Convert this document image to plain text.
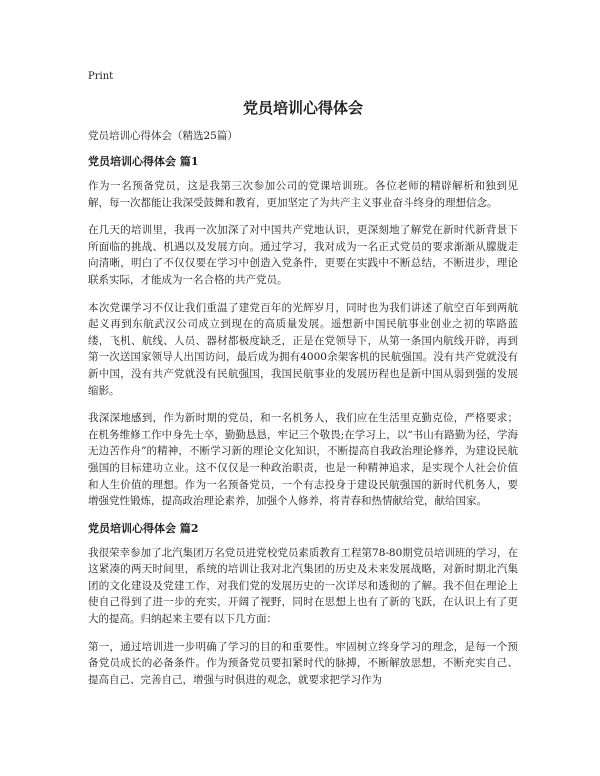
Print
党员培训心得体会
党员培训心得体会（精选25篇）
党员培训心得体会 篇1

作为一名预备党员，这是我第三次参加公司的党课培训班。各位老师的精辟解析和独到见解，每一次都能让我深受鼓舞和教育，更加坚定了为共产主义事业奋斗终身的理想信念。

在几天的培训里，我再一次加深了对中国共产党地认识，更深刻地了解党在新时代新背景下所面临的挑战、机遇以及发展方向。通过学习，我对成为一名正式党员的要求渐渐从朦胧走向清晰，明白了不仅仅要在学习中创造入党条件，更要在实践中不断总结，不断进步，理论联系实际，才能成为一名合格的共产党员。

本次党课学习不仅让我们重温了建党百年的光辉岁月，同时也为我们讲述了航空百年到两航起义再到东航武汉公司成立到现在的高质量发展。遥想新中国民航事业创业之初的筚路蓝缕，飞机、航线、人员、器材都极度缺乏，正是在党领导下，从第一条国内航线开辟，再到第一次送国家领导人出国访问，最后成为拥有4000余架客机的民航强国。没有共产党就没有新中国，没有共产党就没有民航强国，我国民航事业的发展历程也是新中国从弱到强的发展缩影。

我深深地感到，作为新时期的党员，和一名机务人，我们应在生活里克勤克俭，严格要求；在机务维修工作中身先士卒，勤勤恳恳，牢记三个敬畏;在学习上，以“书山有路勤为径，学海无边苦作舟”的精神，不断学习新的理论文化知识，不断提高自我政治理论修养，为建设民航强国的目标建功立业。这不仅仅是一种政治职责，也是一种精神追求，是实现个人社会价值和人生价值的理想。作为一名预备党员，一个有志投身于建设民航强国的新时代机务人，要增强党性锻炼，提高政治理论素养，加强个人修养，将青春和热情献给党，献给国家。

党员培训心得体会 篇2

我很荣幸参加了北汽集团万名党员进党校党员素质教育工程第78-80期党员培训班的学习，在这紧凑的两天时间里，系统的培训让我对北汽集团的历史及未来发展战略，对新时期北汽集团的文化建设及党建工作，对我们党的发展历史的一次详尽和透彻的了解。我不但在理论上使自己得到了进一步的充实，开阔了视野，同时在思想上也有了新的飞跃，在认识上有了更大的提高。归纳起来主要有以下几方面：

第一，通过培训进一步明确了学习的目的和重要性。牢固树立终身学习的理念，是每一个预备党员成长的必备条件。作为预备党员要扣紧时代的脉搏，不断解放思想，不断充实自己、提高自己、完善自己，增强与时俱进的观念，就要求把学习作为
